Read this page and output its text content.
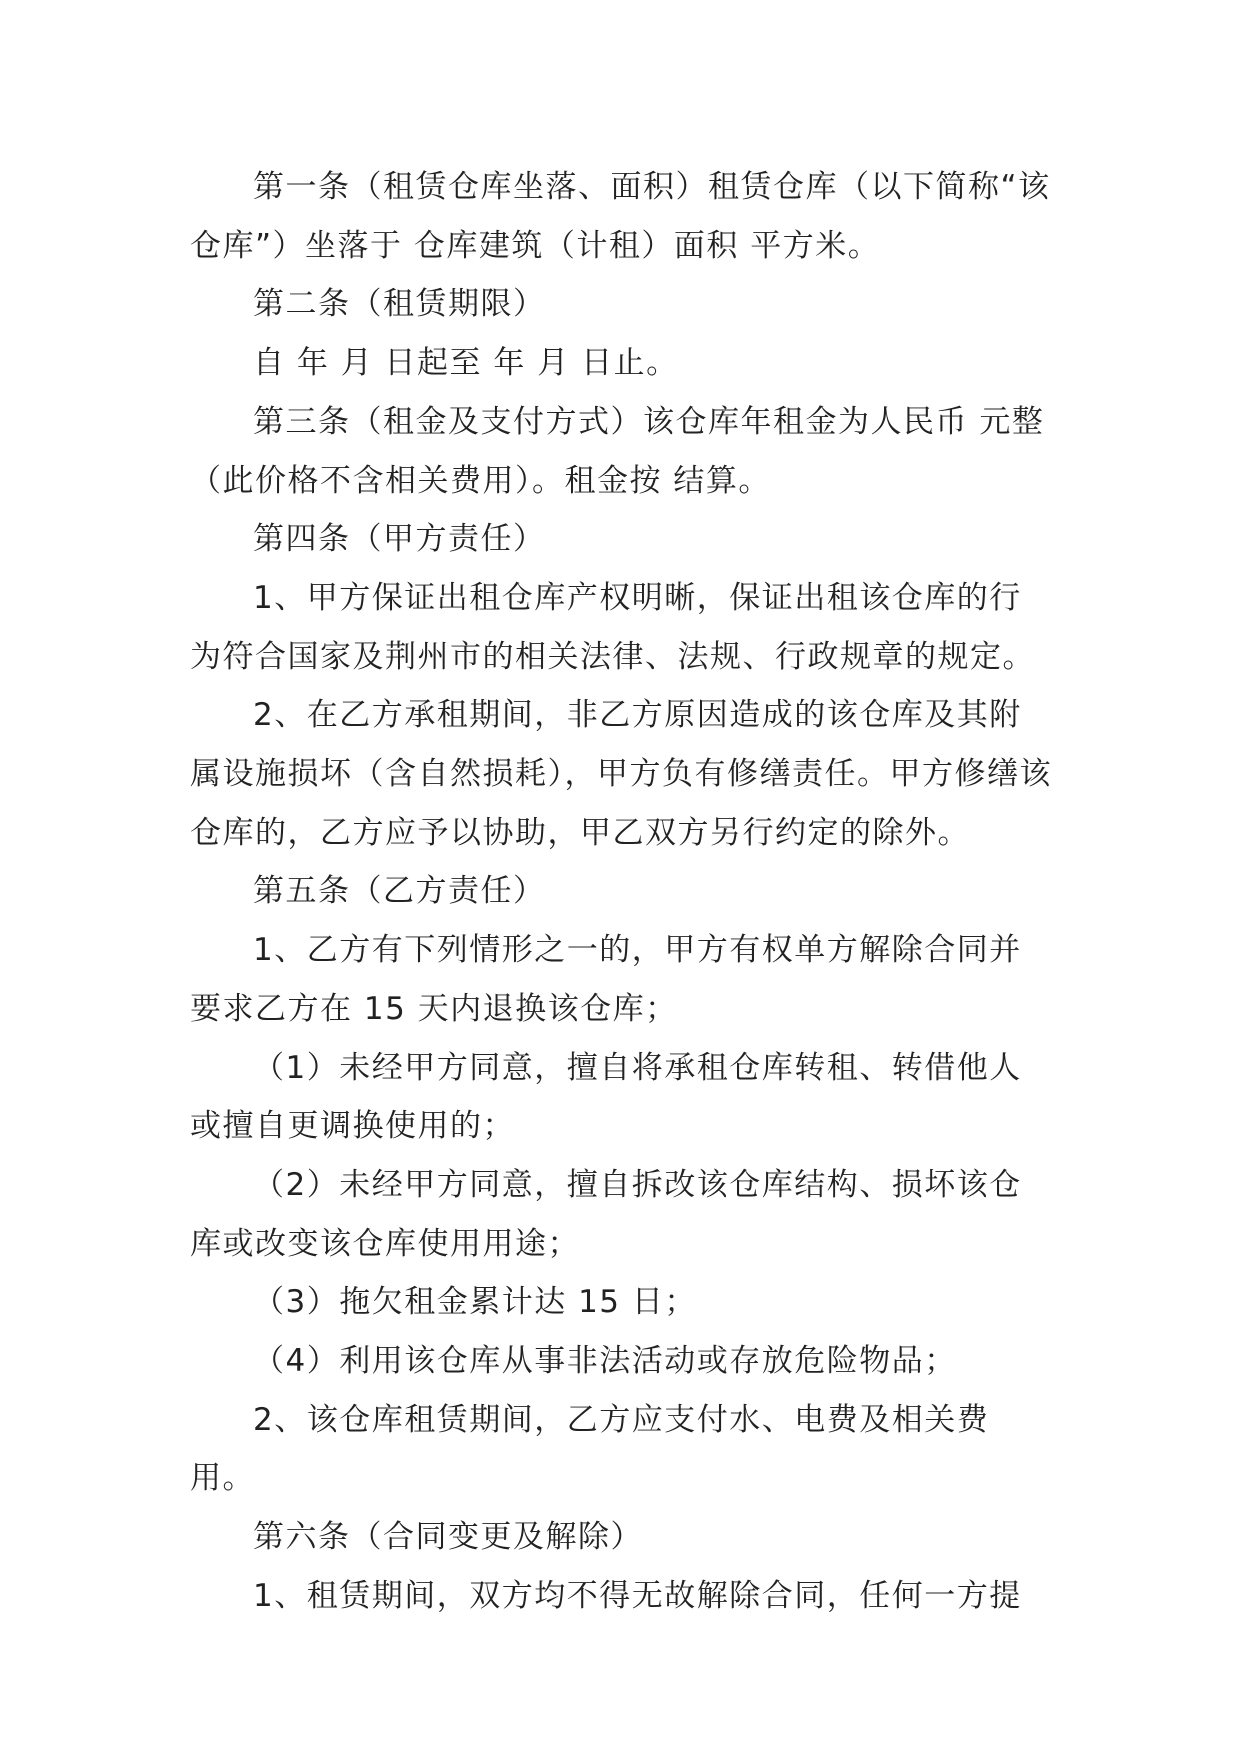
第一条（租赁仓库坐落、面积）租赁仓库（以下简称“该仓库”）坐落于 仓库建筑（计租）面积 平方米。

第二条（租赁期限）

自 年 月 日起至 年 月 日止。

第三条（租金及支付方式）该仓库年租金为人民币 元整（此价格不含相关费用）。租金按 结算。

第四条（甲方责任）

1、甲方保证出租仓库产权明晰，保证出租该仓库的行为符合国家及荆州市的相关法律、法规、行政规章的规定。

2、在乙方承租期间，非乙方原因造成的该仓库及其附属设施损坏（含自然损耗），甲方负有修缮责任。甲方修缮该仓库的，乙方应予以协助，甲乙双方另行约定的除外。

第五条（乙方责任）

1、乙方有下列情形之一的，甲方有权单方解除合同并要求乙方在 15 天内退换该仓库；

（1）未经甲方同意，擅自将承租仓库转租、转借他人或擅自更调换使用的；

（2）未经甲方同意，擅自拆改该仓库结构、损坏该仓库或改变该仓库使用用途；

（3）拖欠租金累计达 15 日；

（4）利用该仓库从事非法活动或存放危险物品；

2、该仓库租赁期间，乙方应支付水、电费及相关费用。

第六条（合同变更及解除）

1、租赁期间，双方均不得无故解除合同，任何一方提
